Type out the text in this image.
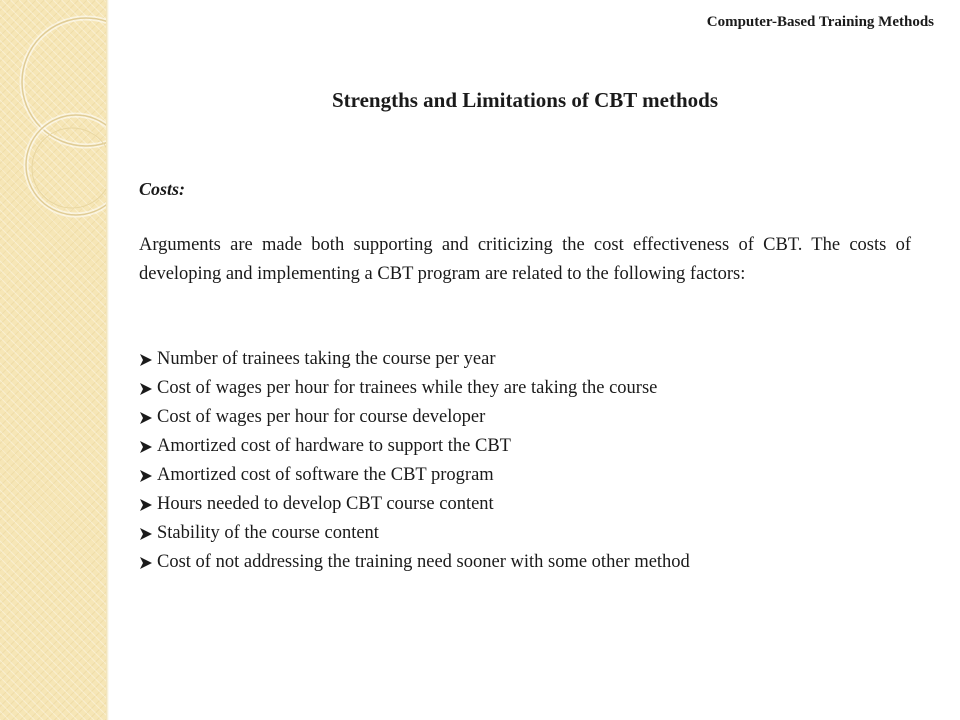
Computer-Based Training Methods
Strengths and Limitations of CBT methods
Costs:

Arguments are made both supporting and criticizing the cost effectiveness of CBT. The costs of developing and implementing a CBT program are related to the following factors:

Number of trainees taking the course per year
Cost of wages per hour for trainees while they are taking the course
Cost of wages per hour for course developer
Amortized cost of hardware to support the CBT
Amortized cost of software the CBT program
Hours needed to develop CBT course content
Stability of the course content
Cost of not addressing the training need sooner with some other method
